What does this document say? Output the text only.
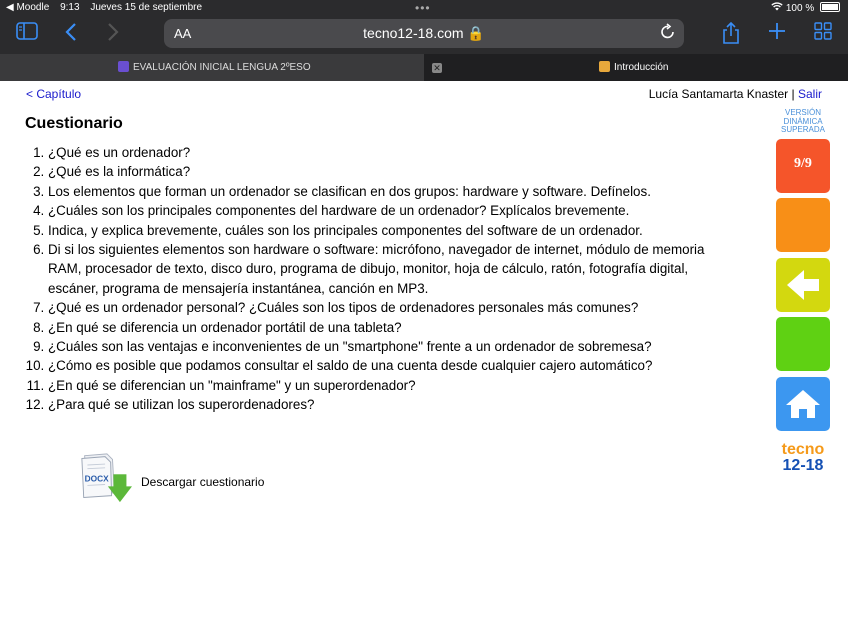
◀ Moodle 9:13 Jueves 15 de septiembre	•••	100 %
AA	tecno12-18.com 🔒
EVALUACIÓN INICIAL LENGUA 2ºESO	✕	Introducción
< Capítulo	Lucía Santamarta Knaster | Salir
Cuestionario
1. ¿Qué es un ordenador?
2. ¿Qué es la informática?
3. Los elementos que forman un ordenador se clasifican en dos grupos: hardware y software. Defínelos.
4. ¿Cuáles son los principales componentes del hardware de un ordenador? Explícalos brevemente.
5. Indica, y explica brevemente, cuáles son los principales componentes del software de un ordenador.
6. Di si los siguientes elementos son hardware o software: micrófono, navegador de internet, módulo de memoria RAM, procesador de texto, disco duro, programa de dibujo, monitor, hoja de cálculo, ratón, fotografía digital, escáner, programa de mensajería instantánea, canción en MP3.
7. ¿Qué es un ordenador personal? ¿Cuáles son los tipos de ordenadores personales más comunes?
8. ¿En qué se diferencia un ordenador portátil de una tableta?
9. ¿Cuáles son las ventajas e inconvenientes de un "smartphone" frente a un ordenador de sobremesa?
10. ¿Cómo es posible que podamos consultar el saldo de una cuenta desde cualquier cajero automático?
11. ¿En qué se diferencian un "mainframe" y un superordenador?
12. ¿Para qué se utilizan los superordenadores?
DOCX	Descargar cuestionario
VERSIÓN
DINÁMICA
SUPERADA
9/9
tecno
12-18
